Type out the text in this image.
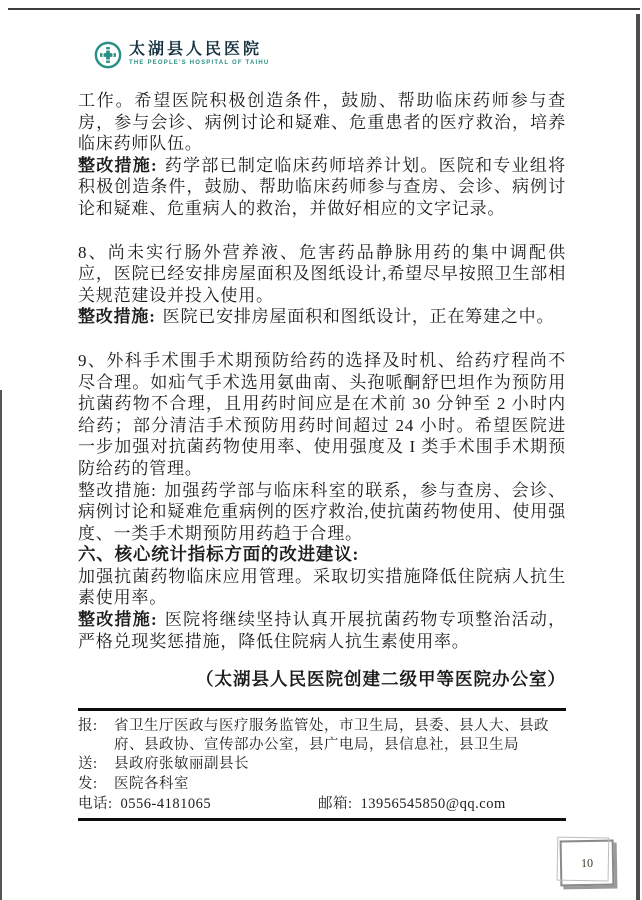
太湖县人民医院
THE PEOPLE'S HOSPITAL OF TAIHU

工作。希望医院积极创造条件，鼓励、帮助临床药师参与查房，参与会诊、病例讨论和疑难、危重患者的医疗救治，培养临床药师队伍。

整改措施: 药学部已制定临床药师培养计划。医院和专业组将积极创造条件，鼓励、帮助临床药师参与查房、会诊、病例讨论和疑难、危重病人的救治，并做好相应的文字记录。

8、尚未实行肠外营养液、危害药品静脉用药的集中调配供应，医院已经安排房屋面积及图纸设计,希望尽早按照卫生部相关规范建设并投入使用。

整改措施: 医院已安排房屋面积和图纸设计，正在筹建之中。

9、外科手术围手术期预防给药的选择及时机、给药疗程尚不尽合理。如疝气手术选用氨曲南、头孢哌酮舒巴坦作为预防用抗菌药物不合理，且用药时间应是在术前 30 分钟至 2 小时内给药；部分清洁手术预防用药时间超过 24 小时。希望医院进一步加强对抗菌药物使用率、使用强度及 I 类手术围手术期预防给药的管理。

整改措施: 加强药学部与临床科室的联系，参与查房、会诊、病例讨论和疑难危重病例的医疗救治,使抗菌药物使用、使用强度、一类手术期预防用药趋于合理。

六、核心统计指标方面的改进建议:

加强抗菌药物临床应用管理。采取切实措施降低住院病人抗生素使用率。

整改措施: 医院将继续坚持认真开展抗菌药物专项整治活动，严格兑现奖惩措施，降低住院病人抗生素使用率。

（太湖县人民医院创建二级甲等医院办公室）

报:	省卫生厅医政与医疗服务监管处，市卫生局，县委、县人大、县政府、县政协、宣传部办公室，县广电局，县信息社，县卫生局
送:	县政府张敏丽副县长
发:	医院各科室
电话: 0556-4181065	邮箱: 13956545850@qq.com
10
